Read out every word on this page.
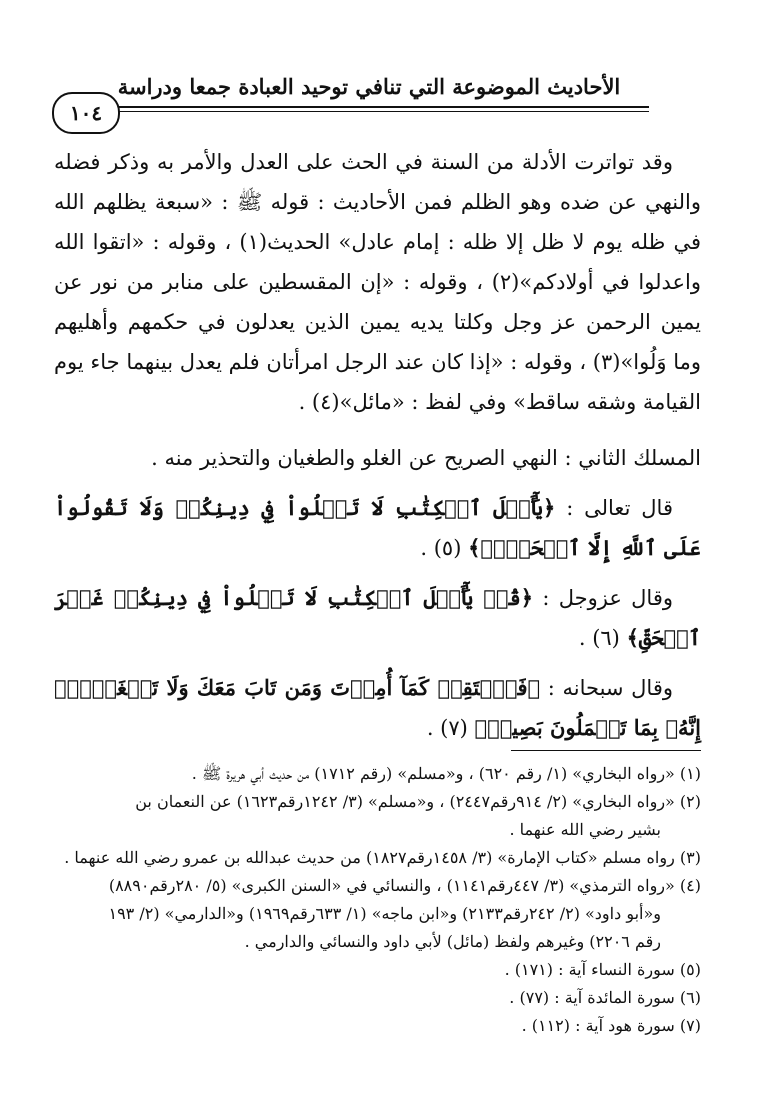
الأحاديث الموضوعة التي تنافي توحيد العبادة جمعا ودراسة
١٠٤

وقد تواترت الأدلة من السنة في الحث على العدل والأمر به وذكر فضله والنهي عن ضده وهو الظلم فمن الأحاديث : قوله ﷺ : «سبعة يظلهم الله في ظله يوم لا ظل إلا ظله : إمام عادل» الحديث(١) ، وقوله : «اتقوا الله واعدلوا في أولادكم»(٢) ، وقوله : «إن المقسطين على منابر من نور عن يمين الرحمن عز وجل وكلتا يديه يمين الذين يعدلون في حكمهم وأهليهم وما وَلُوا»(٣) ، وقوله : «إذا كان عند الرجل امرأتان فلم يعدل بينهما جاء يوم القيامة وشقه ساقط» وفي لفظ : «مائل»(٤) .

المسلك الثاني : النهي الصريح عن الغلو والطغيان والتحذير منه .

قال تعالى : ﴿يَٰٓأَهۡلَ ٱلۡكِتَٰبِ لَا تَغۡلُواْ فِي دِينِكُمۡ وَلَا تَقُولُواْ عَلَى ٱللَّهِ إِلَّا ٱلۡحَقَّۚ﴾ (٥) .

وقال عزوجل : ﴿قُلۡ يَٰٓأَهۡلَ ٱلۡكِتَٰبِ لَا تَغۡلُواْ فِي دِينِكُمۡ غَيۡرَ ٱلۡحَقِّ﴾ (٦) .

وقال سبحانه : ﴿فَٱسۡتَقِمۡ كَمَآ أُمِرۡتَ وَمَن تَابَ مَعَكَ وَلَا تَطۡغَوۡاْۚ إِنَّهُۥ بِمَا تَعۡمَلُونَ بَصِيرٞ﴾ (٧) .

(١) «رواه البخاري» (١/ رقم ٦٢٠) ، و«مسلم» (رقم ١٧١٢) من حديث أبي هريرة ﷺ .

(٢) «رواه البخاري» (٢/ ٩١٤رقم٢٤٤٧) ، و«مسلم» (٣/ ١٢٤٢رقم١٦٢٣) عن النعمان بن

بشير رضي الله عنهما .

(٣) رواه مسلم «كتاب الإمارة» (٣/ ١٤٥٨رقم١٨٢٧) من حديث عبدالله بن عمرو رضي الله عنهما .

(٤) «رواه الترمذي» (٣/ ٤٤٧رقم١١٤١) ، والنسائي في «السنن الكبرى» (٥/ ٢٨٠رقم٨٨٩٠)

و«أبو داود» (٢/ ٢٤٢رقم٢١٣٣) و«ابن ماجه» (١/ ٦٣٣رقم١٩٦٩) و«الدارمي» (٢/ ١٩٣

رقم ٢٢٠٦) وغيرهم ولفظ (مائل) لأبي داود والنسائي والدارمي .

(٥) سورة النساء آية : (١٧١) .

(٦) سورة المائدة آية : (٧٧) .

(٧) سورة هود آية : (١١٢) .
